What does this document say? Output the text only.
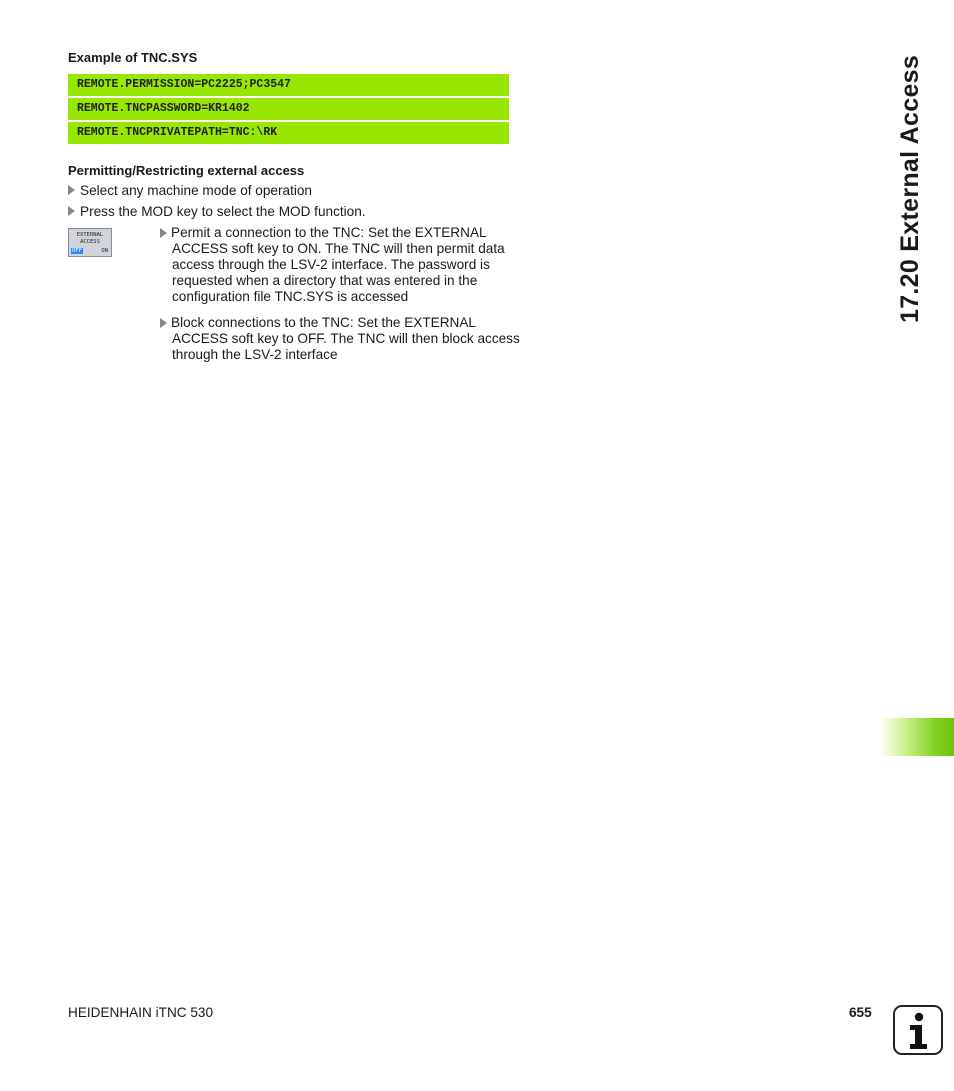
Example of TNC.SYS
REMOTE.PERMISSION=PC2225;PC3547
REMOTE.TNCPASSWORD=KR1402
REMOTE.TNCPRIVATEPATH=TNC:\RK
Permitting/Restricting external access
Select any machine mode of operation
Press the MOD key to select the MOD function.
EXTERNAL
ACCESS
OFF	ON
Permit a connection to the TNC: Set the EXTERNAL ACCESS soft key to ON. The TNC will then permit data access through the LSV-2 interface. The password is requested when a directory that was entered in the configuration file TNC.SYS is accessed
Block connections to the TNC: Set the EXTERNAL ACCESS soft key to OFF. The TNC will then block access through the LSV-2 interface
17.20 External Access
HEIDENHAIN iTNC 530	655
